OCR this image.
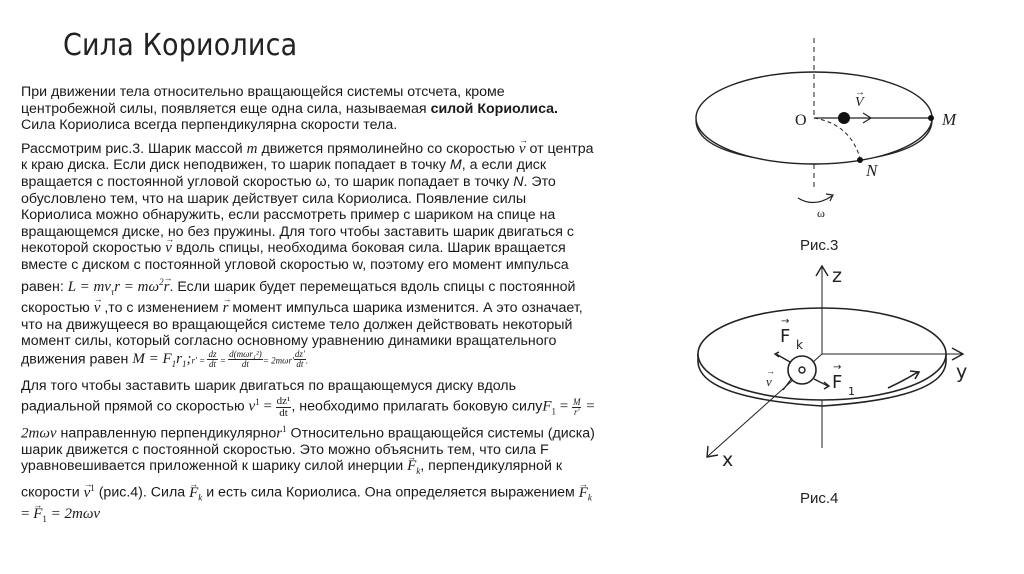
Сила Кориолиса

При движении тела относительно вращающейся системы отсчета, кроме центробежной силы, появляется еще одна сила, называемая силой Кориолиса. Сила Кориолиса всегда перпендикулярна скорости тела.

Рассмотрим рис.3. Шарик массой m движется прямолинейно со скоростью → v от центра к краю диска. Если диск неподвижен, то шарик попадает в точку M, а если диск вращается с постоянной угловой скоростью ω, то шарик попадает в точку N. Это обусловлено тем, что на шарик действует сила Кориолиса. Появление силы Кориолиса можно обнаружить, если рассмотреть пример с шариком на спице на вращающемся диске, но без пружины. Для того чтобы заставить шарик двигаться с некоторой скоростью → v вдоль спицы, необходима боковая сила. Шарик вращается вместе с диском с постоянной угловой скоростью w, поэтому его момент импульса равен: $L = mv_\tau r = m\omega^2\to r$. Если шарик будет перемещаться вдоль спицы с постоянной скоростью → v ,то с изменением → r момент импульса шарика изменится. А это означает, что на движущееся во вращающейся системе тело должен действовать некоторый момент силы, который согласно основному уравнению динамики вращательного движения равен $M = F_1r_1;r' = \frac{dz}{dt} = \frac{\text{d(mωr₁²)}}{dt} = 2m\omega r' \frac{dz'}{dt}$ .

Для того чтобы заставить шарик двигаться по вращающемуся диску вдоль радиальной прямой со скоростью $v^1 = \frac{\text{dz¹}}{dt}$ , необходимо прилагать боковую силуF$_1$ = $\frac{M}{r'} = 2m\omega v$ направленную перпендикулярноr$^1$ Относительно вращающейся системы (диска) шарик движется с постоянной скоростью. Это можно объяснить тем, что сила F уравновешивается приложенной к шарику силой инерции → $F_k$, перпендикулярной к скорости → $v^1$ (рис.4). Сила → $F_k$ и есть сила Кориолиса. Она определяется выражением → $F_k$ = → $F_1 = 2m\omega v$

O
V
→
M
N
ω
Рис.3
z
y
x
F k
→
F 1
→
v
→
Рис.4
